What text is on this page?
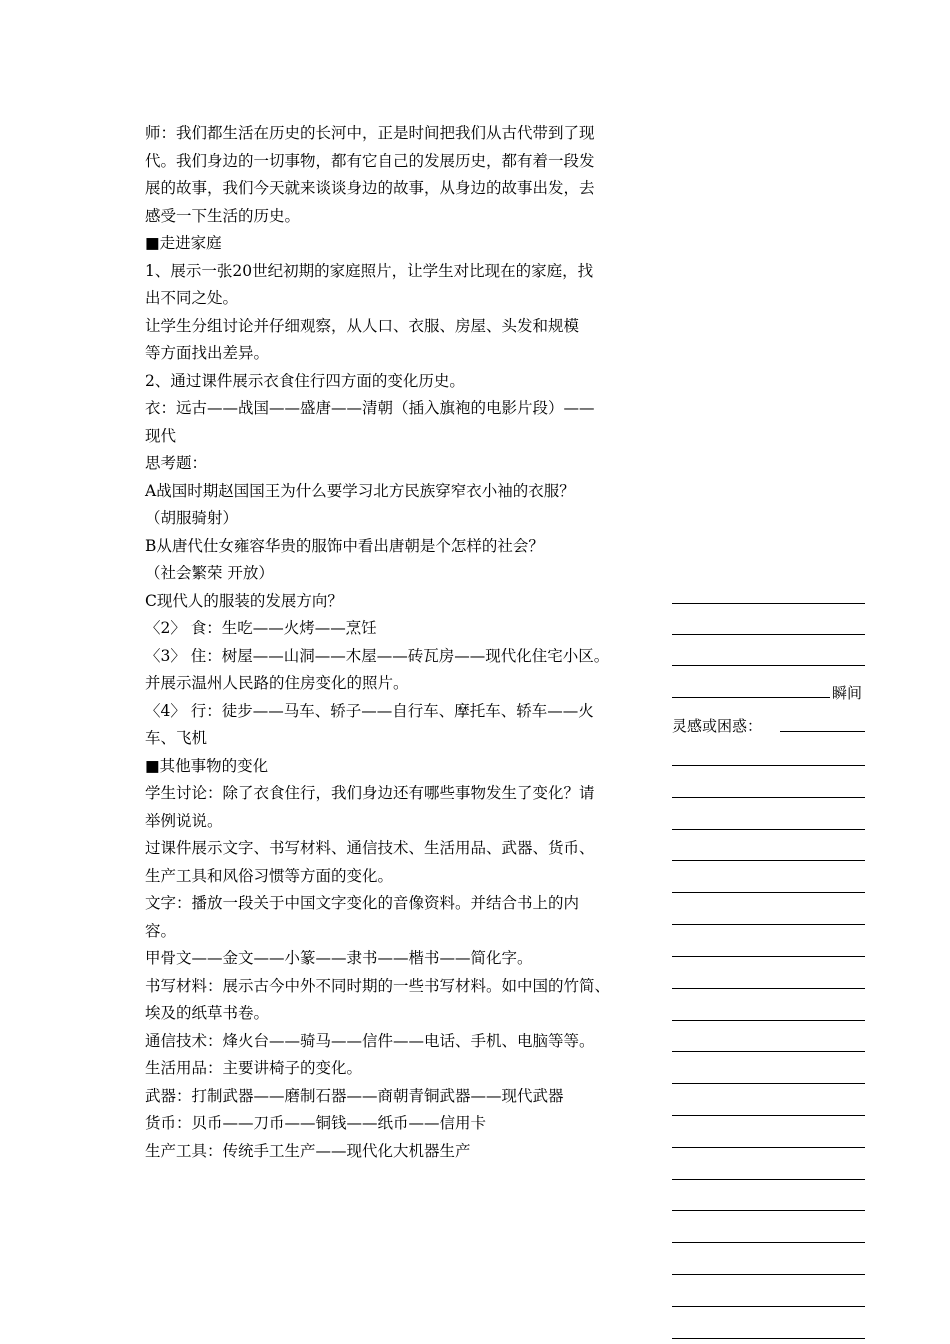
师：我们都生活在历史的长河中，正是时间把我们从古代带到了现

代。我们身边的一切事物，都有它自己的发展历史，都有着一段发

展的故事，我们今天就来谈谈身边的故事，从身边的故事出发，去

感受一下生活的历史。

■走进家庭

1、展示一张20世纪初期的家庭照片，让学生对比现在的家庭，找

出不同之处。

让学生分组讨论并仔细观察，从人口、衣服、房屋、头发和规模

等方面找出差异。

2、通过课件展示衣食住行四方面的变化历史。

衣：远古——战国——盛唐——清朝（插入旗袍的电影片段）——

现代

思考题：

A战国时期赵国国王为什么要学习北方民族穿窄衣小袖的衣服？

（胡服骑射）

B从唐代仕女雍容华贵的服饰中看出唐朝是个怎样的社会？

（社会繁荣 开放）

C现代人的服装的发展方向？

〈2〉 食：生吃——火烤——烹饪

〈3〉 住：树屋——山洞——木屋——砖瓦房——现代化住宅小区。

并展示温州人民路的住房变化的照片。

〈4〉 行：徒步——马车、轿子——自行车、摩托车、轿车——火

车、飞机

■其他事物的变化

学生讨论：除了衣食住行，我们身边还有哪些事物发生了变化？请

举例说说。

过课件展示文字、书写材料、通信技术、生活用品、武器、货币、

生产工具和风俗习惯等方面的变化。

文字：播放一段关于中国文字变化的音像资料。并结合书上的内

容。

甲骨文——金文——小篆——隶书——楷书——简化字。

书写材料：展示古今中外不同时期的一些书写材料。如中国的竹简、

埃及的纸草书卷。

通信技术：烽火台——骑马——信件——电话、手机、电脑等等。

生活用品：主要讲椅子的变化。

武器：打制武器——磨制石器——商朝青铜武器——现代武器

货币：贝币——刀币——铜钱——纸币——信用卡

生产工具：传统手工生产——现代化大机器生产

瞬间
灵感或困惑：
